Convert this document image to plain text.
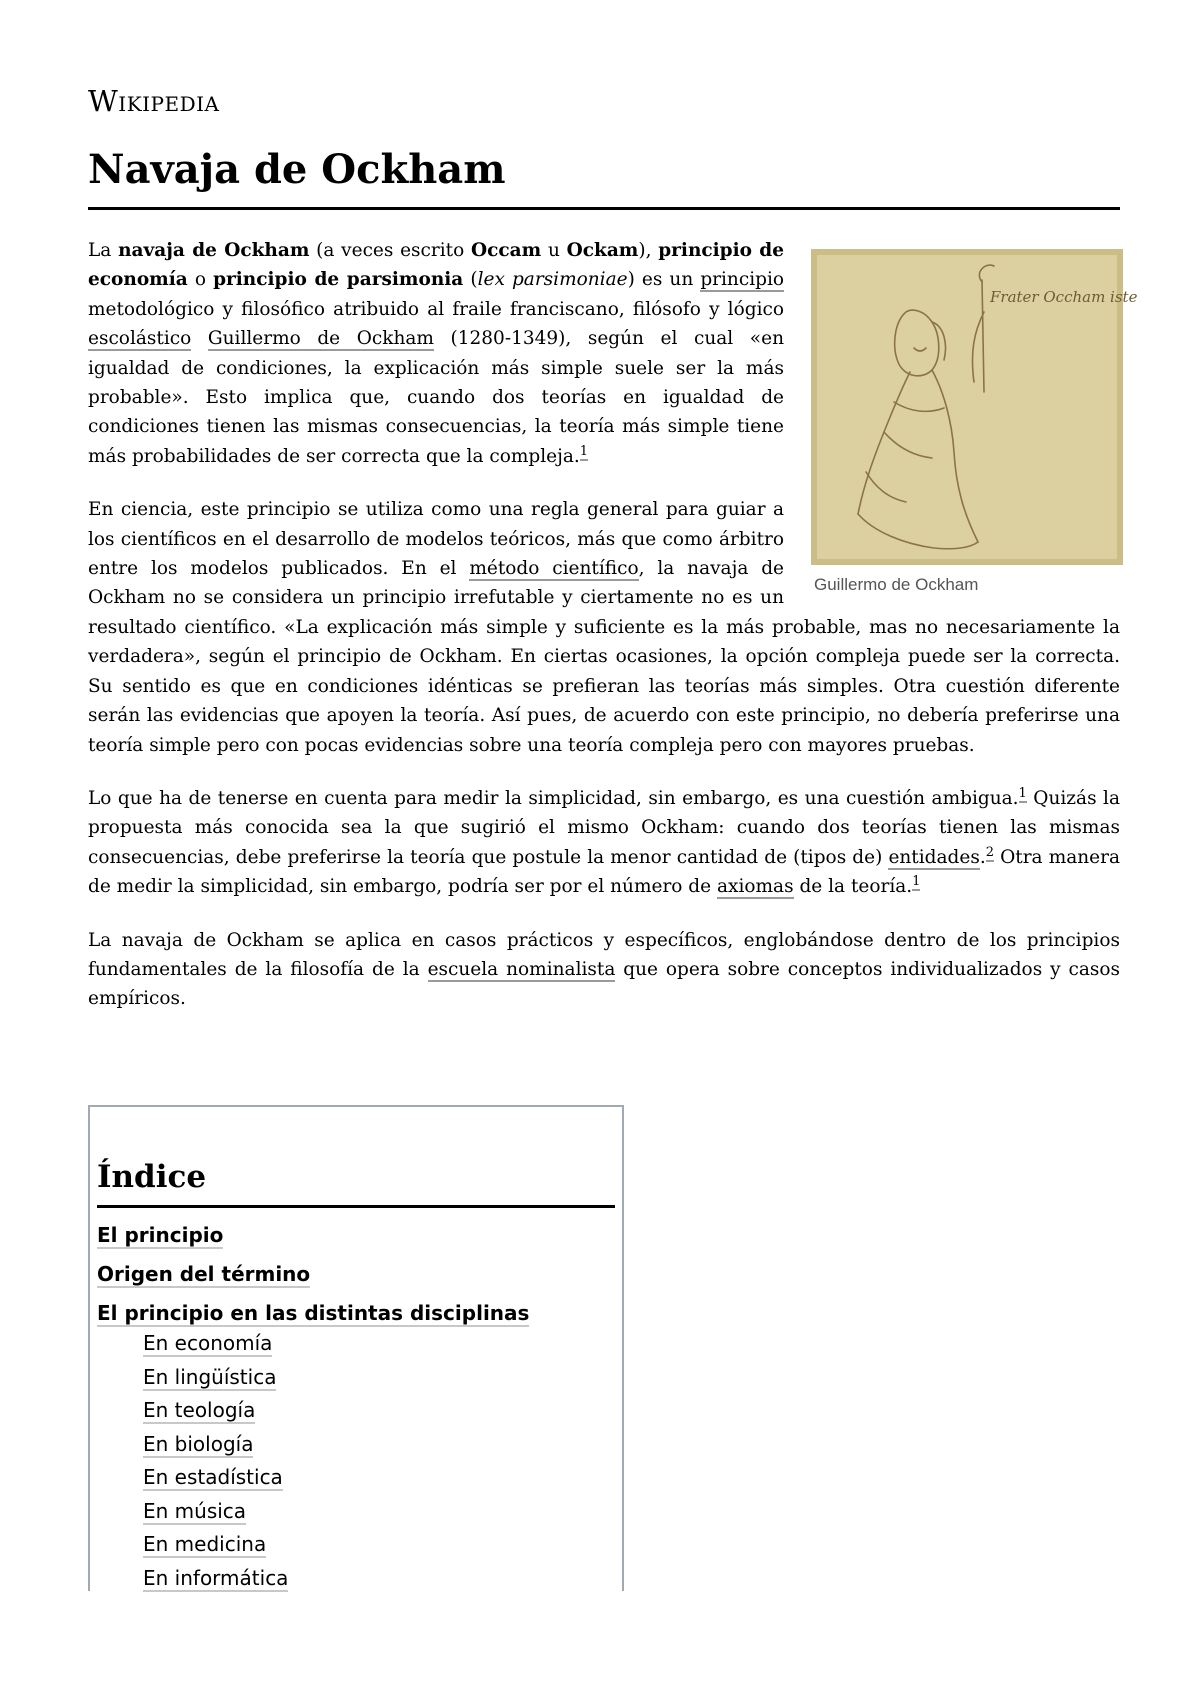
Wikipedia
Navaja de Ockham
Frater Occham iste
Guillermo de Ockham

La navaja de Ockham (a veces escrito Occam u Ockam), principio de economía o principio de parsimonia (lex parsimoniae) es un principio metodológico y filosófico atribuido al fraile franciscano, filósofo y lógico escolástico Guillermo de Ockham (1280-1349), según el cual «en igualdad de condiciones, la explicación más simple suele ser la más probable». Esto implica que, cuando dos teorías en igualdad de condiciones tienen las mismas consecuencias, la teoría más simple tiene más probabilidades de ser correcta que la compleja.$^1$

En ciencia, este principio se utiliza como una regla general para guiar a los científicos en el desarrollo de modelos teóricos, más que como árbitro entre los modelos publicados. En el método científico, la navaja de Ockham no se considera un principio irrefutable y ciertamente no es un resultado científico. «La explicación más simple y suficiente es la más probable, mas no necesariamente la verdadera», según el principio de Ockham. En ciertas ocasiones, la opción compleja puede ser la correcta. Su sentido es que en condiciones idénticas se prefieran las teorías más simples. Otra cuestión diferente serán las evidencias que apoyen la teoría. Así pues, de acuerdo con este principio, no debería preferirse una teoría simple pero con pocas evidencias sobre una teoría compleja pero con mayores pruebas.

Lo que ha de tenerse en cuenta para medir la simplicidad, sin embargo, es una cuestión ambigua.$^1$ Quizás la propuesta más conocida sea la que sugirió el mismo Ockham: cuando dos teorías tienen las mismas consecuencias, debe preferirse la teoría que postule la menor cantidad de (tipos de) entidades.$^2$ Otra manera de medir la simplicidad, sin embargo, podría ser por el número de axiomas de la teoría.$^1$

La navaja de Ockham se aplica en casos prácticos y específicos, englobándose dentro de los principios fundamentales de la filosofía de la escuela nominalista que opera sobre conceptos individualizados y casos empíricos.

Índice
El principio
Origen del término
El principio en las distintas disciplinas
En economía
En lingüística
En teología
En biología
En estadística
En música
En medicina
En informática
